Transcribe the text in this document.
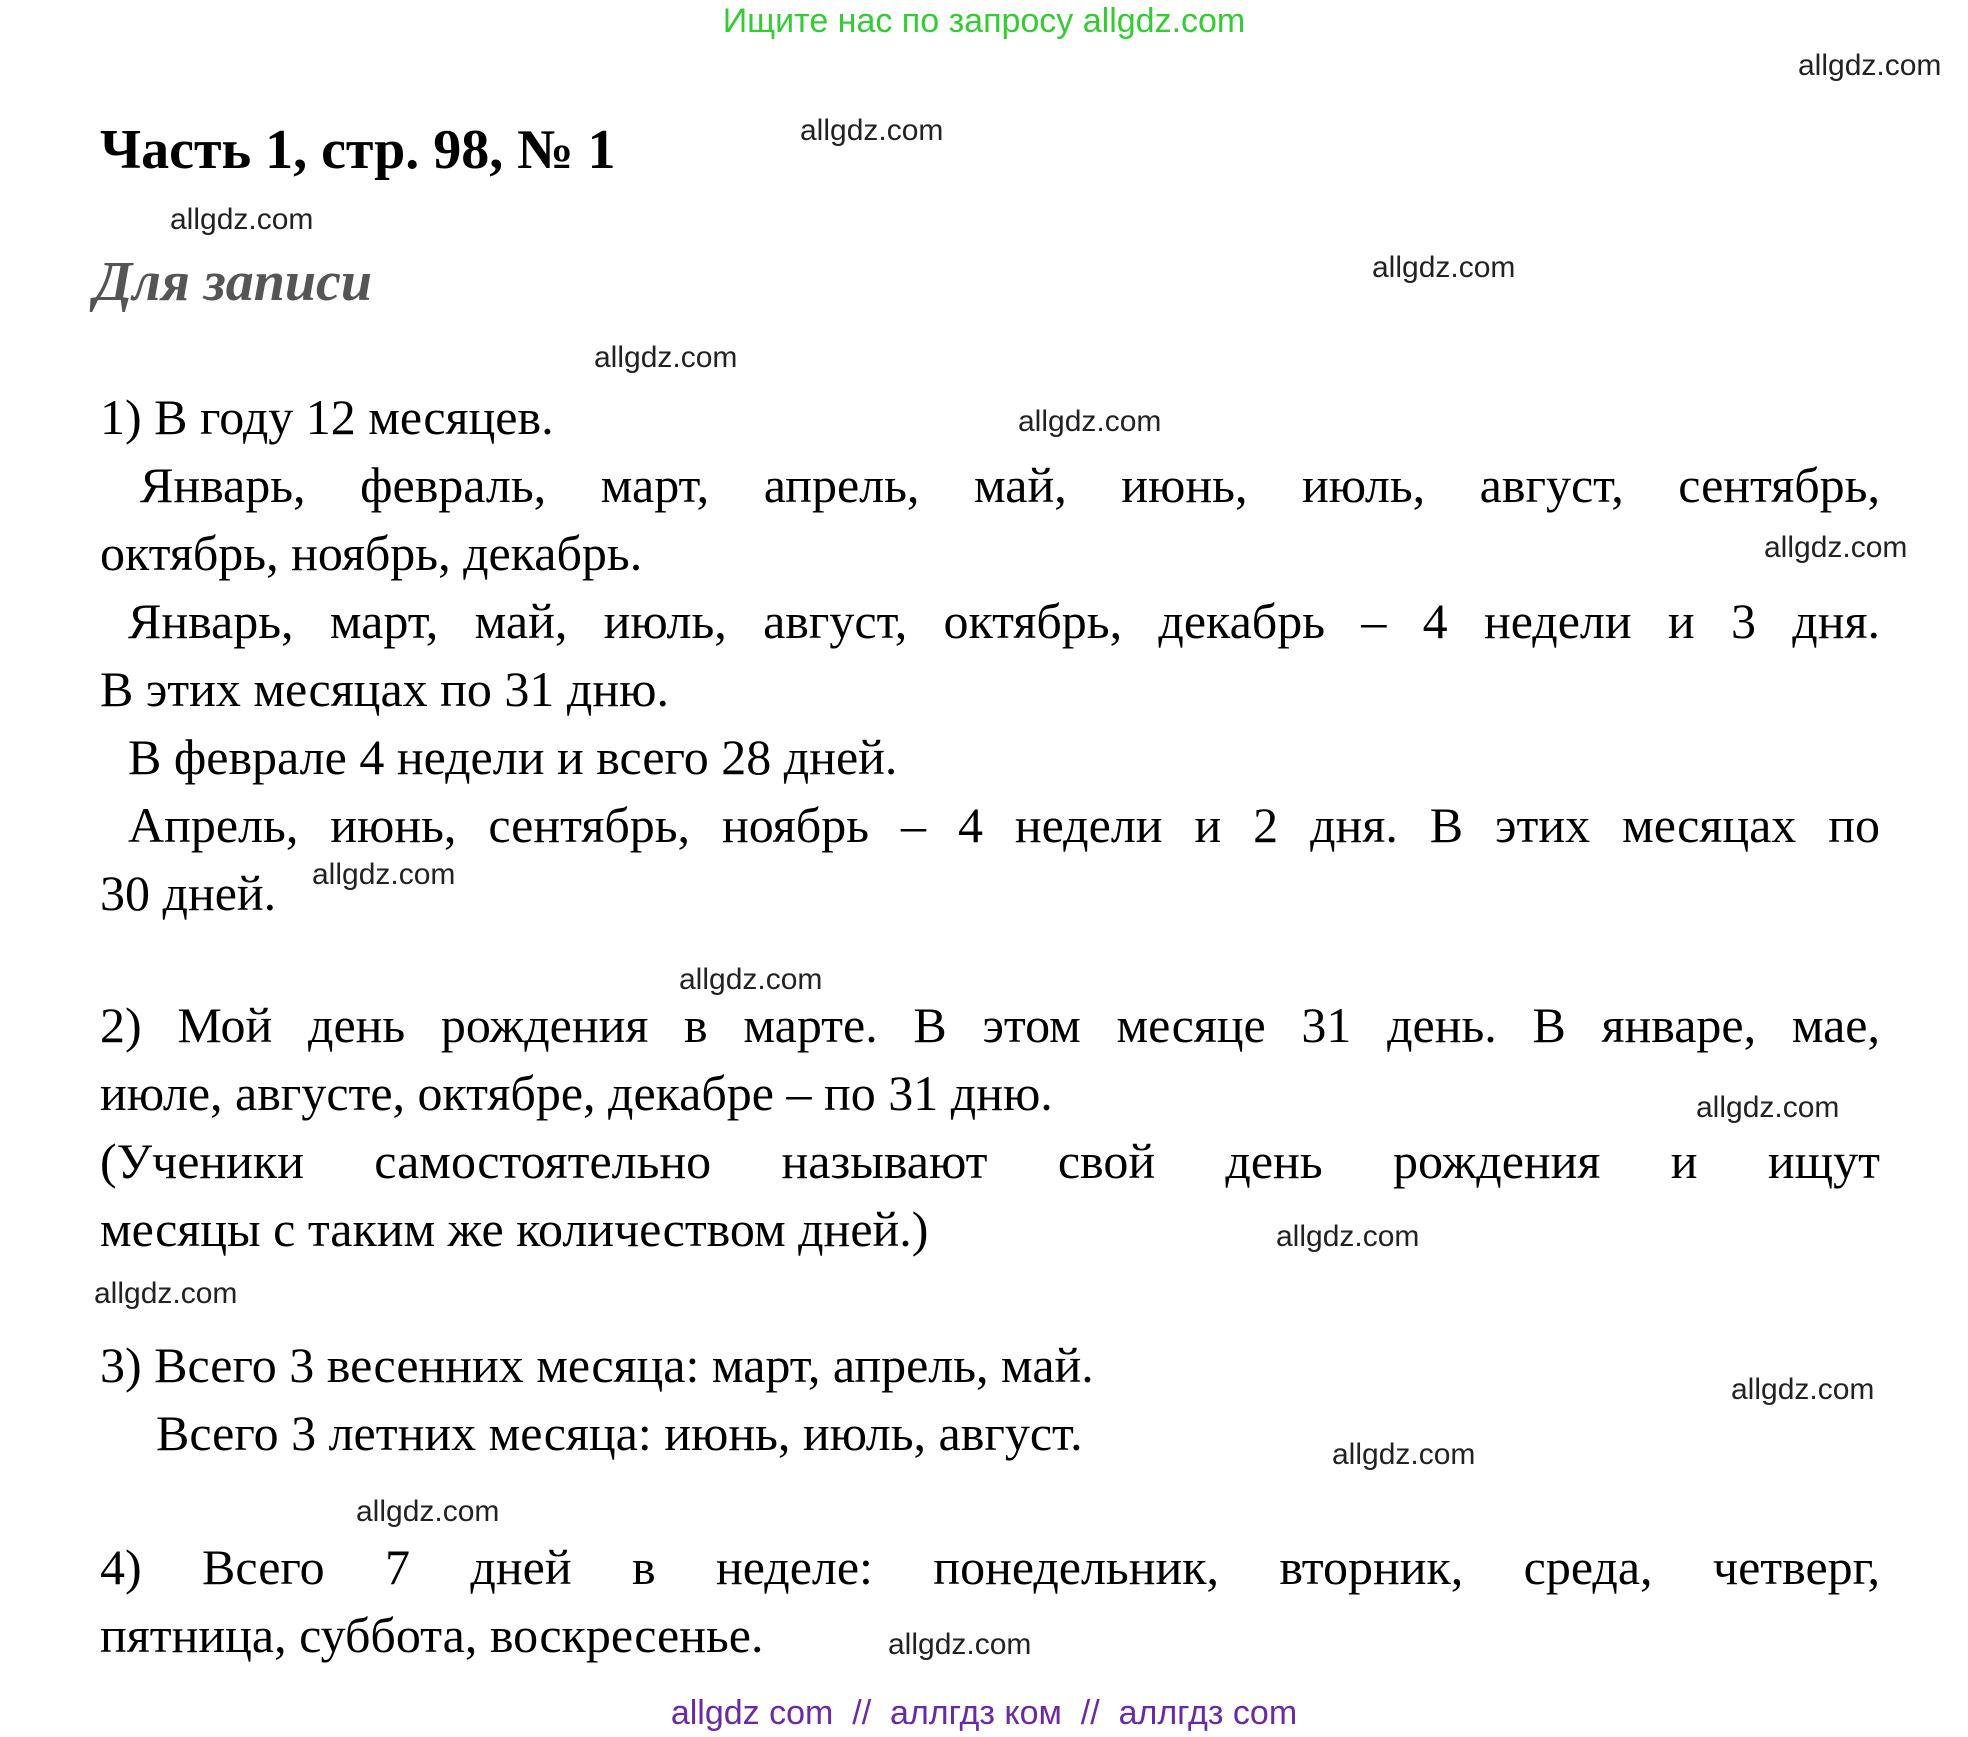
Ищите нас по запросу allgdz.com
Часть 1, стр. 98, № 1
Для записи
1) В году 12 месяцев.
Январь, февраль, март, апрель, май, июнь, июль, август, сентябрь,
октябрь, ноябрь, декабрь.
Январь, март, май, июль, август, октябрь, декабрь – 4 недели и 3 дня.
В этих месяцах по 31 дню.
В феврале 4 недели и всего 28 дней.
Апрель, июнь, сентябрь, ноябрь – 4 недели и 2 дня. В этих месяцах по
30 дней.
2) Мой день рождения в марте. В этом месяце 31 день. В январе, мае,
июле, августе, октябре, декабре – по 31 дню.
(Ученики самостоятельно называют свой день рождения и ищут
месяцы с таким же количеством дней.)
3) Всего 3 весенних месяца: март, апрель, май.
Всего 3 летних месяца: июнь, июль, август.
4) Всего 7 дней в неделе: понедельник, вторник, среда, четверг,
пятница, суббота, воскресенье.
allgdz.com
allgdz.com
allgdz.com
allgdz.com
allgdz.com
allgdz.com
allgdz.com
allgdz.com
allgdz.com
allgdz.com
allgdz.com
allgdz.com
allgdz.com
allgdz.com
allgdz.com
allgdz.com
allgdz com  //  аллгдз ком  //  аллгдз com
